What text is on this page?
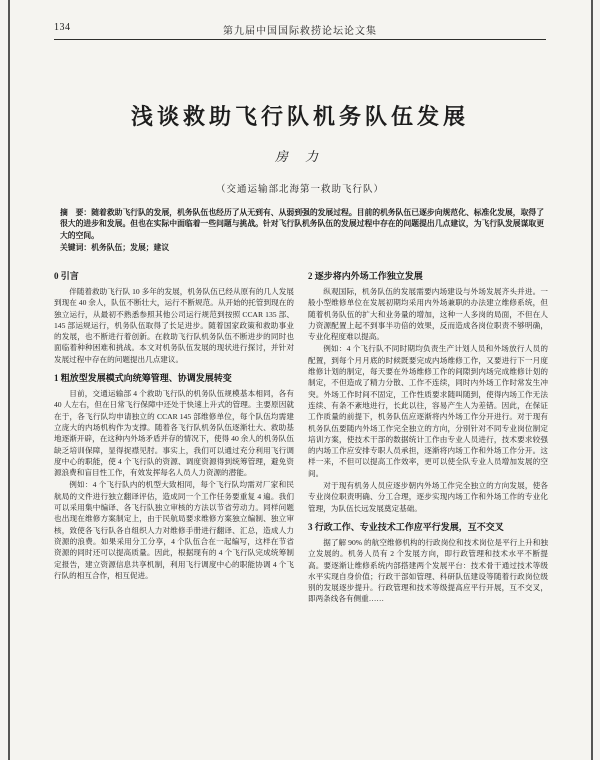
134	第九届中国国际救捞论坛论文集
浅谈救助飞行队机务队伍发展
房 力
（交通运输部北海第一救助飞行队）
摘　要：随着救助飞行队的发展，机务队伍也经历了从无到有、从弱到强的发展过程。目前的机务队伍已逐步向规范化、标准化发展，取得了很大的进步和发展。但也在实际中面临着一些问题与挑战。针对飞行队机务队伍的发展过程中存在的问题提出几点建议，为飞行队发展谋取更大的空间。
关键词：机务队伍；发展；建议
0 引言

伴随着救助飞行队 10 多年的发展，机务队伍已经从原有的几人发展到现在 40 余人，队伍不断壮大，运行不断规范。从开始的托管到现在的独立运行，从最初不熟悉参照其他公司运行规范到按照 CCAR 135 部、145 部运规运行，机务队伍取得了长足进步。随着国家政策和救助事业的发展，也不断进行着创新。在救助飞行队机务队伍不断进步的同时也面临着种种困难和挑战。本文对机务队伍发展的现状进行探讨，并针对发展过程中存在的问题提出几点建议。

1 粗放型发展模式向统筹管理、协调发展转变

目前，交通运输部 4 个救助飞行队的机务队伍规模基本相同，各有 40 人左右，但在日常飞行保障中还处于快速上升式的管理。主要原因就在于，各飞行队均申请独立的 CCAR 145 部维修单位，每个队伍均需建立庞大的内场机构作为支撑。随着各飞行队机务队伍逐渐壮大、救助基地逐渐开辟，在这种内外场矛盾并存的情况下，使得 40 余人的机务队伍缺乏培训保障，显得捉襟见肘。事实上，我们可以通过充分利用飞行调度中心的职能，使 4 个飞行队的资源、调度资源得到统筹管理，避免资源浪费和盲目性工作，有效发挥每名人员人力资源的潜能。

例如：4 个飞行队内的机型大致相同，每个飞行队均需对厂家和民航局的文件进行独立翻译评估，造成同一个工作任务要重复 4 遍。我们可以采用集中编译、各飞行队独立审核的方法以节省劳动力。同样问题也出现在维修方案制定上，由于民航局要求维修方案独立编制、独立审核，致使各飞行队各自组织人力对维修手册进行翻译、汇总，造成人力资源的浪费。如果采用分工分享，4 个队伍合在一起编写，这样在节省资源的同时还可以提高质量。因此，根据现有的 4 个飞行队完成统筹制定报告，建立资源信息共享机制，利用飞行调度中心的职能协调 4 个飞行队的相互合作，相互促进。

2 逐步将内外场工作独立发展

纵观国际，机务队伍的发展需要内场建设与外场发展齐头并进。一般小型维修单位在发展初期均采用内外场兼职的办法建立维修系统，但随着机务队伍的扩大和业务量的增加，这种一人多岗的局面，不但在人力资源配置上起不到事半功倍的效果，反而造成各岗位职责不够明确，专业化程度难以提高。

例如：4 个飞行队不同时期均负责生产计划人员和外场放行人员的配置，到每个月月底的时候既要完成内场维修工作，又要进行下一月度维修计划的制定，每天要在外场维修工作的间隙到内场完成维修计划的制定，不但造成了精力分散、工作不连续，同时内外场工作时常发生冲突。外场工作时间不固定，工作性质要求随叫随到，使得内场工作无法连续、有条不紊地进行，长此以往，容易产生人为差错。因此，在保证工作质量的前提下，机务队伍应逐渐将内外场工作分开进行。对于现有机务队伍要随内外场工作完全独立的方向，分别针对不同专业岗位制定培训方案，使技术干部的数据统计工作由专业人员进行，技术要求较强的内场工作应安排专职人员承担，逐渐将内场工作和外场工作分开。这样一来，不但可以提高工作效率，更可以使全队专业人员增加发展的空间。

对于现有机务人员应逐步朝内外场工作完全独立的方向发展，使各专业岗位职责明确、分工合理，逐步实现内场工作和外场工作的专业化管理，为队伍长远发展奠定基础。

3 行政工作、专业技术工作应平行发展，互不交叉

据了解 90% 的航空维修机构的行政岗位和技术岗位是平行上升和独立发展的。机务人员有 2 个发展方向，即行政管理和技术水平不断提高。要逐渐让维修系统内部搭建两个发展平台：技术骨干通过技术等级水平实现自身价值；行政干部如管理、科研队伍建设等随着行政岗位级别的发展逐步提升。行政管理和技术等级提高应平行开展，互不交叉，即两条线各有侧重……
